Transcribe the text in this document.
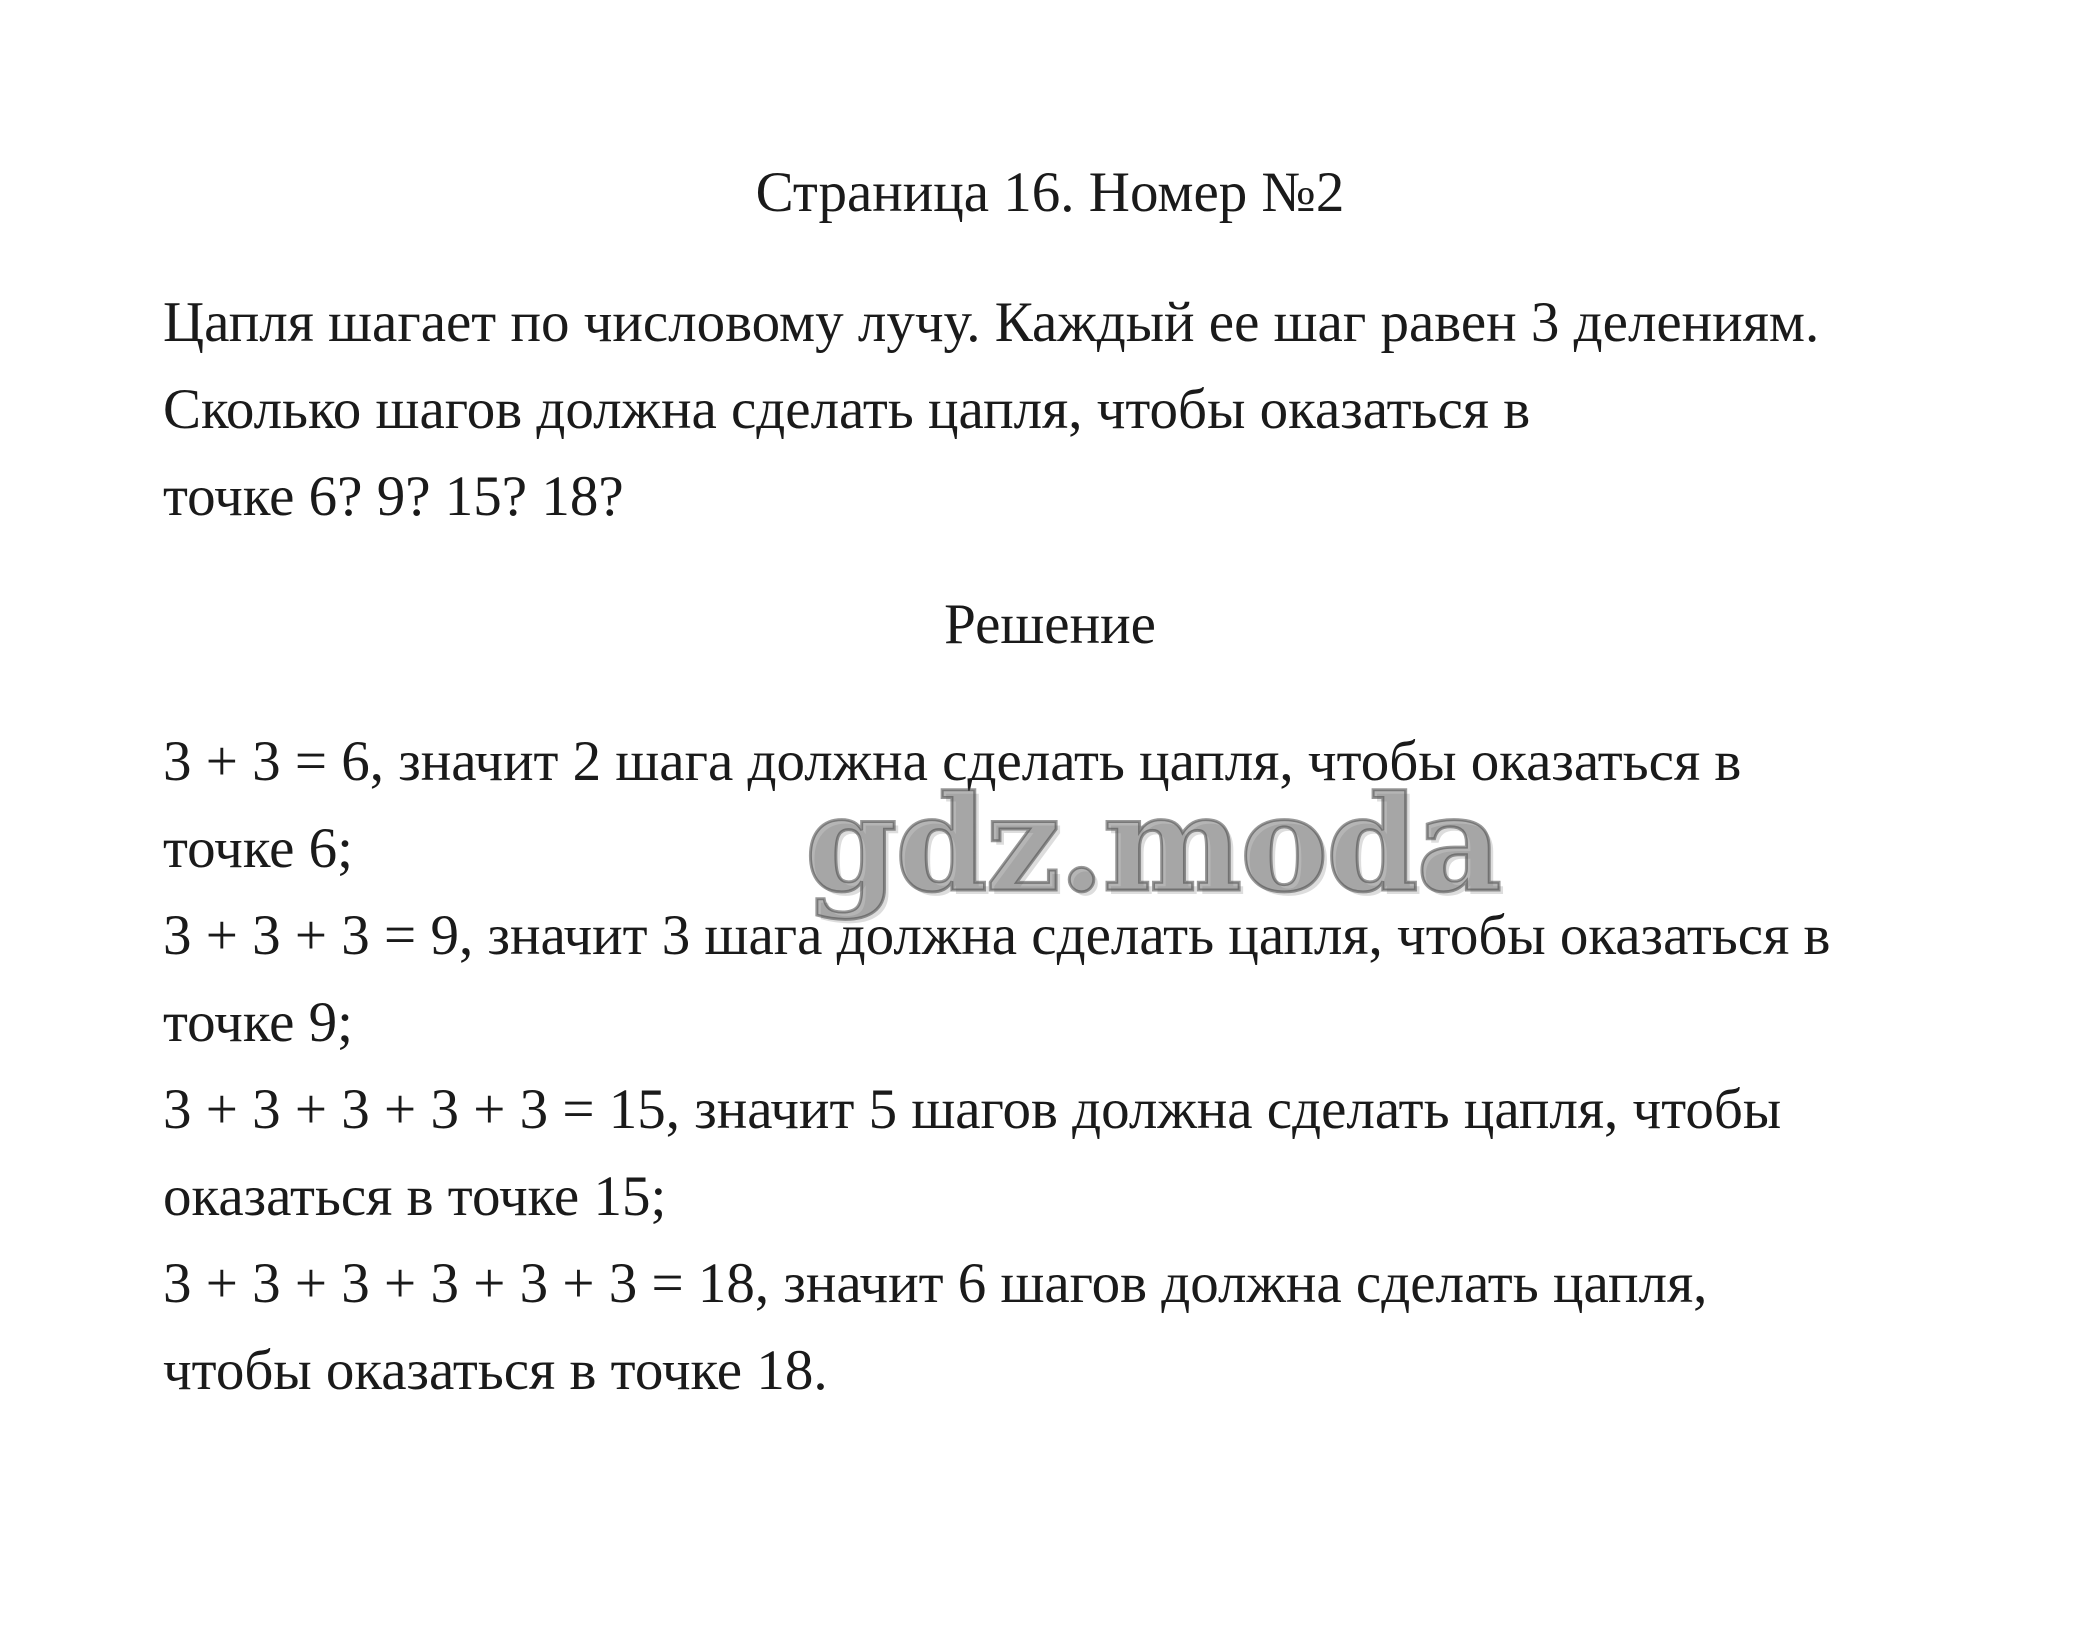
Страница 16. Номер №2
Цапля шагает по числовому лучу. Каждый ее шаг равен 3 делениям.
Сколько шагов должна сделать цапля, чтобы оказаться в
точке 6? 9? 15? 18?
Решение
3 + 3 = 6, значит 2 шага должна сделать цапля, чтобы оказаться в
точке 6;
3 + 3 + 3 = 9, значит 3 шага должна сделать цапля, чтобы оказаться в
точке 9;
3 + 3 + 3 + 3 + 3 = 15, значит 5 шагов должна сделать цапля, чтобы
оказаться в точке 15;
3 + 3 + 3 + 3 + 3 + 3 = 18, значит 6 шагов должна сделать цапля,
чтобы оказаться в точке 18.
gdz.moda
